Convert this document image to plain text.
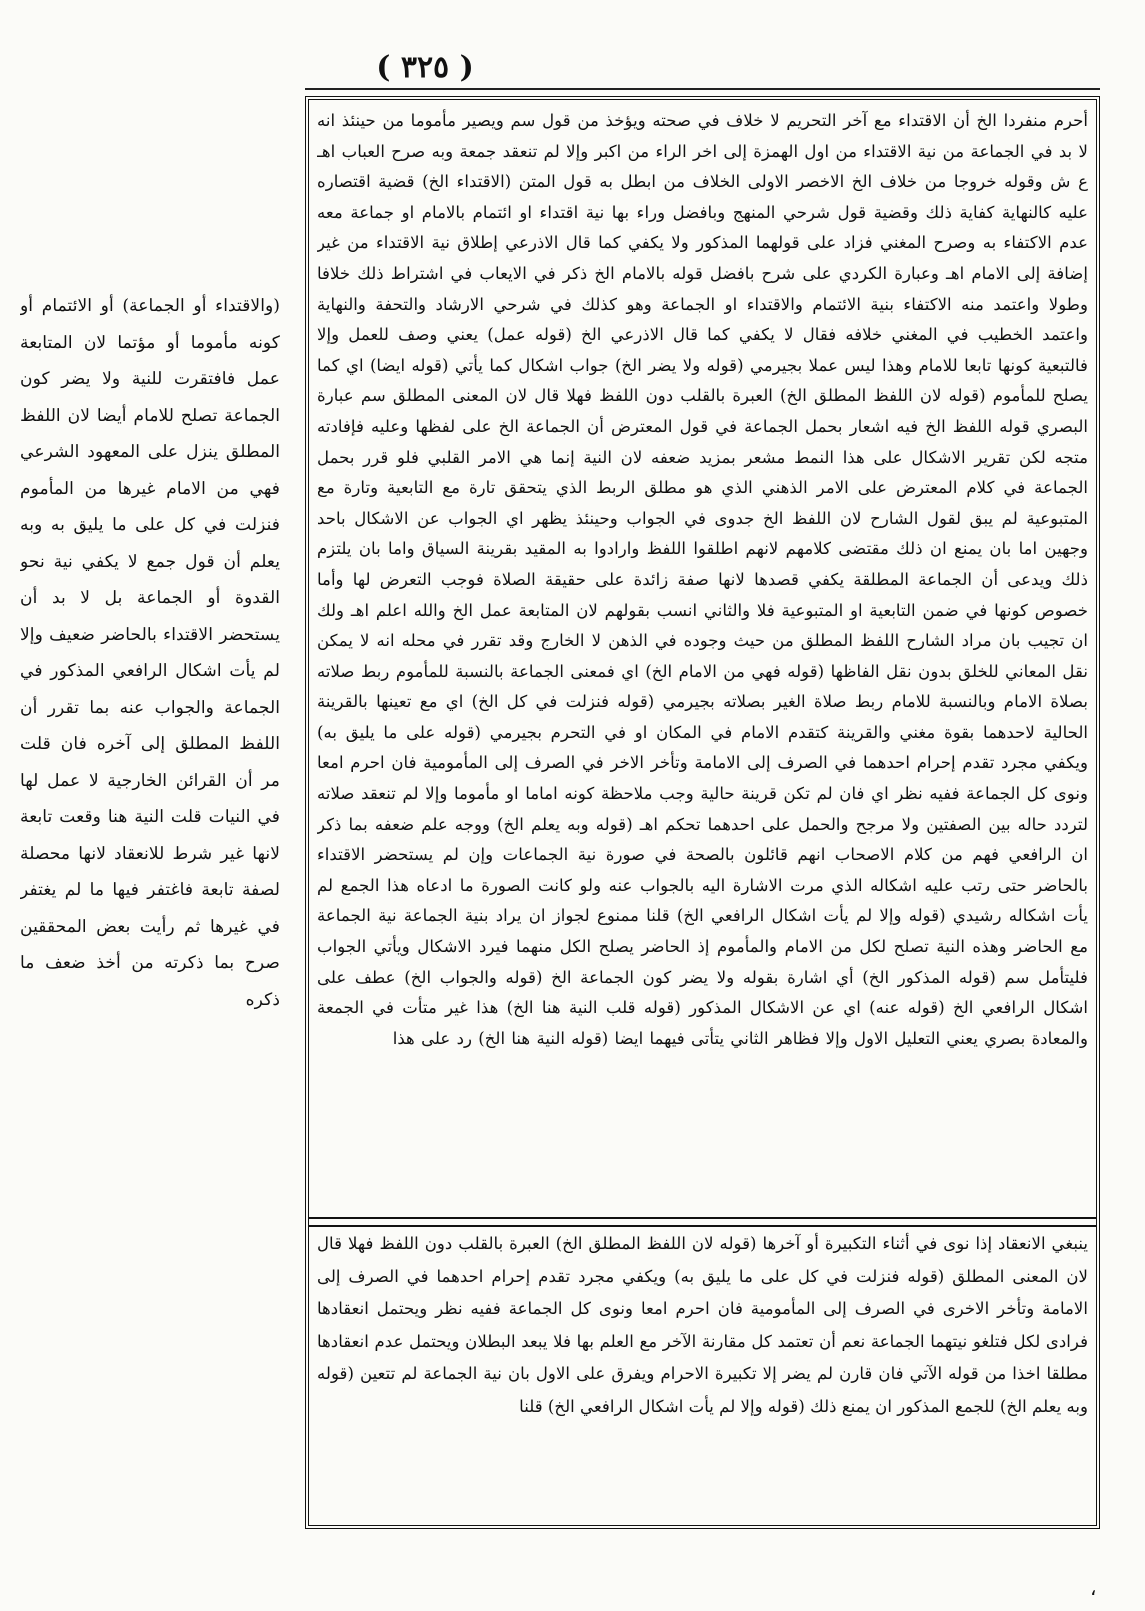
( ٣٢٥ )

أحرم منفردا الخ أن الاقتداء مع آخر التحريم لا خلاف في صحته ويؤخذ من قول سم ويصير مأموما من حينئذ انه لا بد في الجماعة من نية الاقتداء من اول الهمزة إلى اخر الراء من اكبر وإلا لم تنعقد جمعة وبه صرح العباب اهـ ع ش وقوله خروجا من خلاف الخ الاخصر الاولى الخلاف من ابطل به قول المتن (الاقتداء الخ) قضية اقتصاره عليه كالنهاية كفاية ذلك وقضية قول شرحي المنهج وبافضل وراء بها نية اقتداء او ائتمام بالامام او جماعة معه عدم الاكتفاء به وصرح المغني فزاد على قولهما المذكور ولا يكفي كما قال الاذرعي إطلاق نية الاقتداء من غير إضافة إلى الامام اهـ وعبارة الكردي على شرح بافضل قوله بالامام الخ ذكر في الايعاب في اشتراط ذلك خلافا وطولا واعتمد منه الاكتفاء بنية الائتمام والاقتداء او الجماعة وهو كذلك في شرحي الارشاد والتحفة والنهاية واعتمد الخطيب في المغني خلافه فقال لا يكفي كما قال الاذرعي الخ (قوله عمل) يعني وصف للعمل وإلا فالتبعية كونها تابعا للامام وهذا ليس عملا بجيرمي (قوله ولا يضر الخ) جواب اشكال كما يأتي (قوله ايضا) اي كما يصلح للمأموم (قوله لان اللفظ المطلق الخ) العبرة بالقلب دون اللفظ فهلا قال لان المعنى المطلق سم عبارة البصري قوله اللفظ الخ فيه اشعار بحمل الجماعة في قول المعترض أن الجماعة الخ على لفظها وعليه فإفادته متجه لكن تقرير الاشكال على هذا النمط مشعر بمزيد ضعفه لان النية إنما هي الامر القلبي فلو قرر بحمل الجماعة في كلام المعترض على الامر الذهني الذي هو مطلق الربط الذي يتحقق تارة مع التابعية وتارة مع المتبوعية لم يبق لقول الشارح لان اللفظ الخ جدوى في الجواب وحينئذ يظهر اي الجواب عن الاشكال باحد وجهين اما بان يمنع ان ذلك مقتضى كلامهم لانهم اطلقوا اللفظ وارادوا به المقيد بقرينة السياق واما بان يلتزم ذلك ويدعى أن الجماعة المطلقة يكفي قصدها لانها صفة زائدة على حقيقة الصلاة فوجب التعرض لها وأما خصوص كونها في ضمن التابعية او المتبوعية فلا والثاني انسب بقولهم لان المتابعة عمل الخ والله اعلم اهـ ولك ان تجيب بان مراد الشارح اللفظ المطلق من حيث وجوده في الذهن لا الخارج وقد تقرر في محله انه لا يمكن نقل المعاني للخلق بدون نقل الفاظها (قوله فهي من الامام الخ) اي فمعنى الجماعة بالنسبة للمأموم ربط صلاته بصلاة الامام وبالنسبة للامام ربط صلاة الغير بصلاته بجيرمي (قوله فنزلت في كل الخ) اي مع تعينها بالقرينة الحالية لاحدهما بقوة مغني والقرينة كتقدم الامام في المكان او في التحرم بجيرمي (قوله على ما يليق به) ويكفي مجرد تقدم إحرام احدهما في الصرف إلى الامامة وتأخر الاخر في الصرف إلى المأمومية فان احرم امعا ونوى كل الجماعة ففيه نظر اي فان لم تكن قرينة حالية وجب ملاحظة كونه اماما او مأموما وإلا لم تنعقد صلاته لتردد حاله بين الصفتين ولا مرجح والحمل على احدهما تحكم اهـ (قوله وبه يعلم الخ) ووجه علم ضعفه بما ذكر ان الرافعي فهم من كلام الاصحاب انهم قائلون بالصحة في صورة نية الجماعات وإن لم يستحضر الاقتداء بالحاضر حتى رتب عليه اشكاله الذي مرت الاشارة اليه بالجواب عنه ولو كانت الصورة ما ادعاه هذا الجمع لم يأت اشكاله رشيدي (قوله وإلا لم يأت اشكال الرافعي الخ) قلنا ممنوع لجواز ان يراد بنية الجماعة نية الجماعة مع الحاضر وهذه النية تصلح لكل من الامام والمأموم إذ الحاضر يصلح الكل منهما فيرد الاشكال ويأتي الجواب فليتأمل سم (قوله المذكور الخ) أي اشارة بقوله ولا يضر كون الجماعة الخ (قوله والجواب الخ) عطف على اشكال الرافعي الخ (قوله عنه) اي عن الاشكال المذكور (قوله قلب النية هنا الخ) هذا غير متأت في الجمعة والمعادة بصري يعني التعليل الاول وإلا فظاهر الثاني يتأتى فيهما ايضا (قوله النية هنا الخ) رد على هذا

ينبغي الانعقاد إذا نوى في أثناء التكبيرة أو آخرها (قوله لان اللفظ المطلق الخ) العبرة بالقلب دون اللفظ فهلا قال لان المعنى المطلق (قوله فنزلت في كل على ما يليق به) ويكفي مجرد تقدم إحرام احدهما في الصرف إلى الامامة وتأخر الاخرى في الصرف إلى المأمومية فان احرم امعا ونوى كل الجماعة ففيه نظر ويحتمل انعقادها فرادى لكل فتلغو نيتهما الجماعة نعم أن تعتمد كل مقارنة الآخر مع العلم بها فلا يبعد البطلان ويحتمل عدم انعقادها مطلقا اخذا من قوله الآتي فان قارن لم يضر إلا تكبيرة الاحرام ويفرق على الاول بان نية الجماعة لم تتعين (قوله وبه يعلم الخ) للجمع المذكور ان يمنع ذلك (قوله وإلا لم يأت اشكال الرافعي الخ) قلنا

(والاقتداء أو الجماعة) أو الائتمام أو كونه مأموما أو مؤتما لان المتابعة عمل فافتقرت للنية ولا يضر كون الجماعة تصلح للامام أيضا لان اللفظ المطلق ينزل على المعهود الشرعي فهي من الامام غيرها من المأموم فنزلت في كل على ما يليق به وبه يعلم أن قول جمع لا يكفي نية نحو القدوة أو الجماعة بل لا بد أن يستحضر الاقتداء بالحاضر ضعيف وإلا لم يأت اشكال الرافعي المذكور في الجماعة والجواب عنه بما تقرر أن اللفظ المطلق إلى آخره فان قلت مر أن القرائن الخارجية لا عمل لها في النيات قلت النية هنا وقعت تابعة لانها غير شرط للانعقاد لانها محصلة لصفة تابعة فاغتفر فيها ما لم يغتفر في غيرها ثم رأيت بعض المحققين صرح بما ذكرته من أخذ ضعف ما ذكره

،
